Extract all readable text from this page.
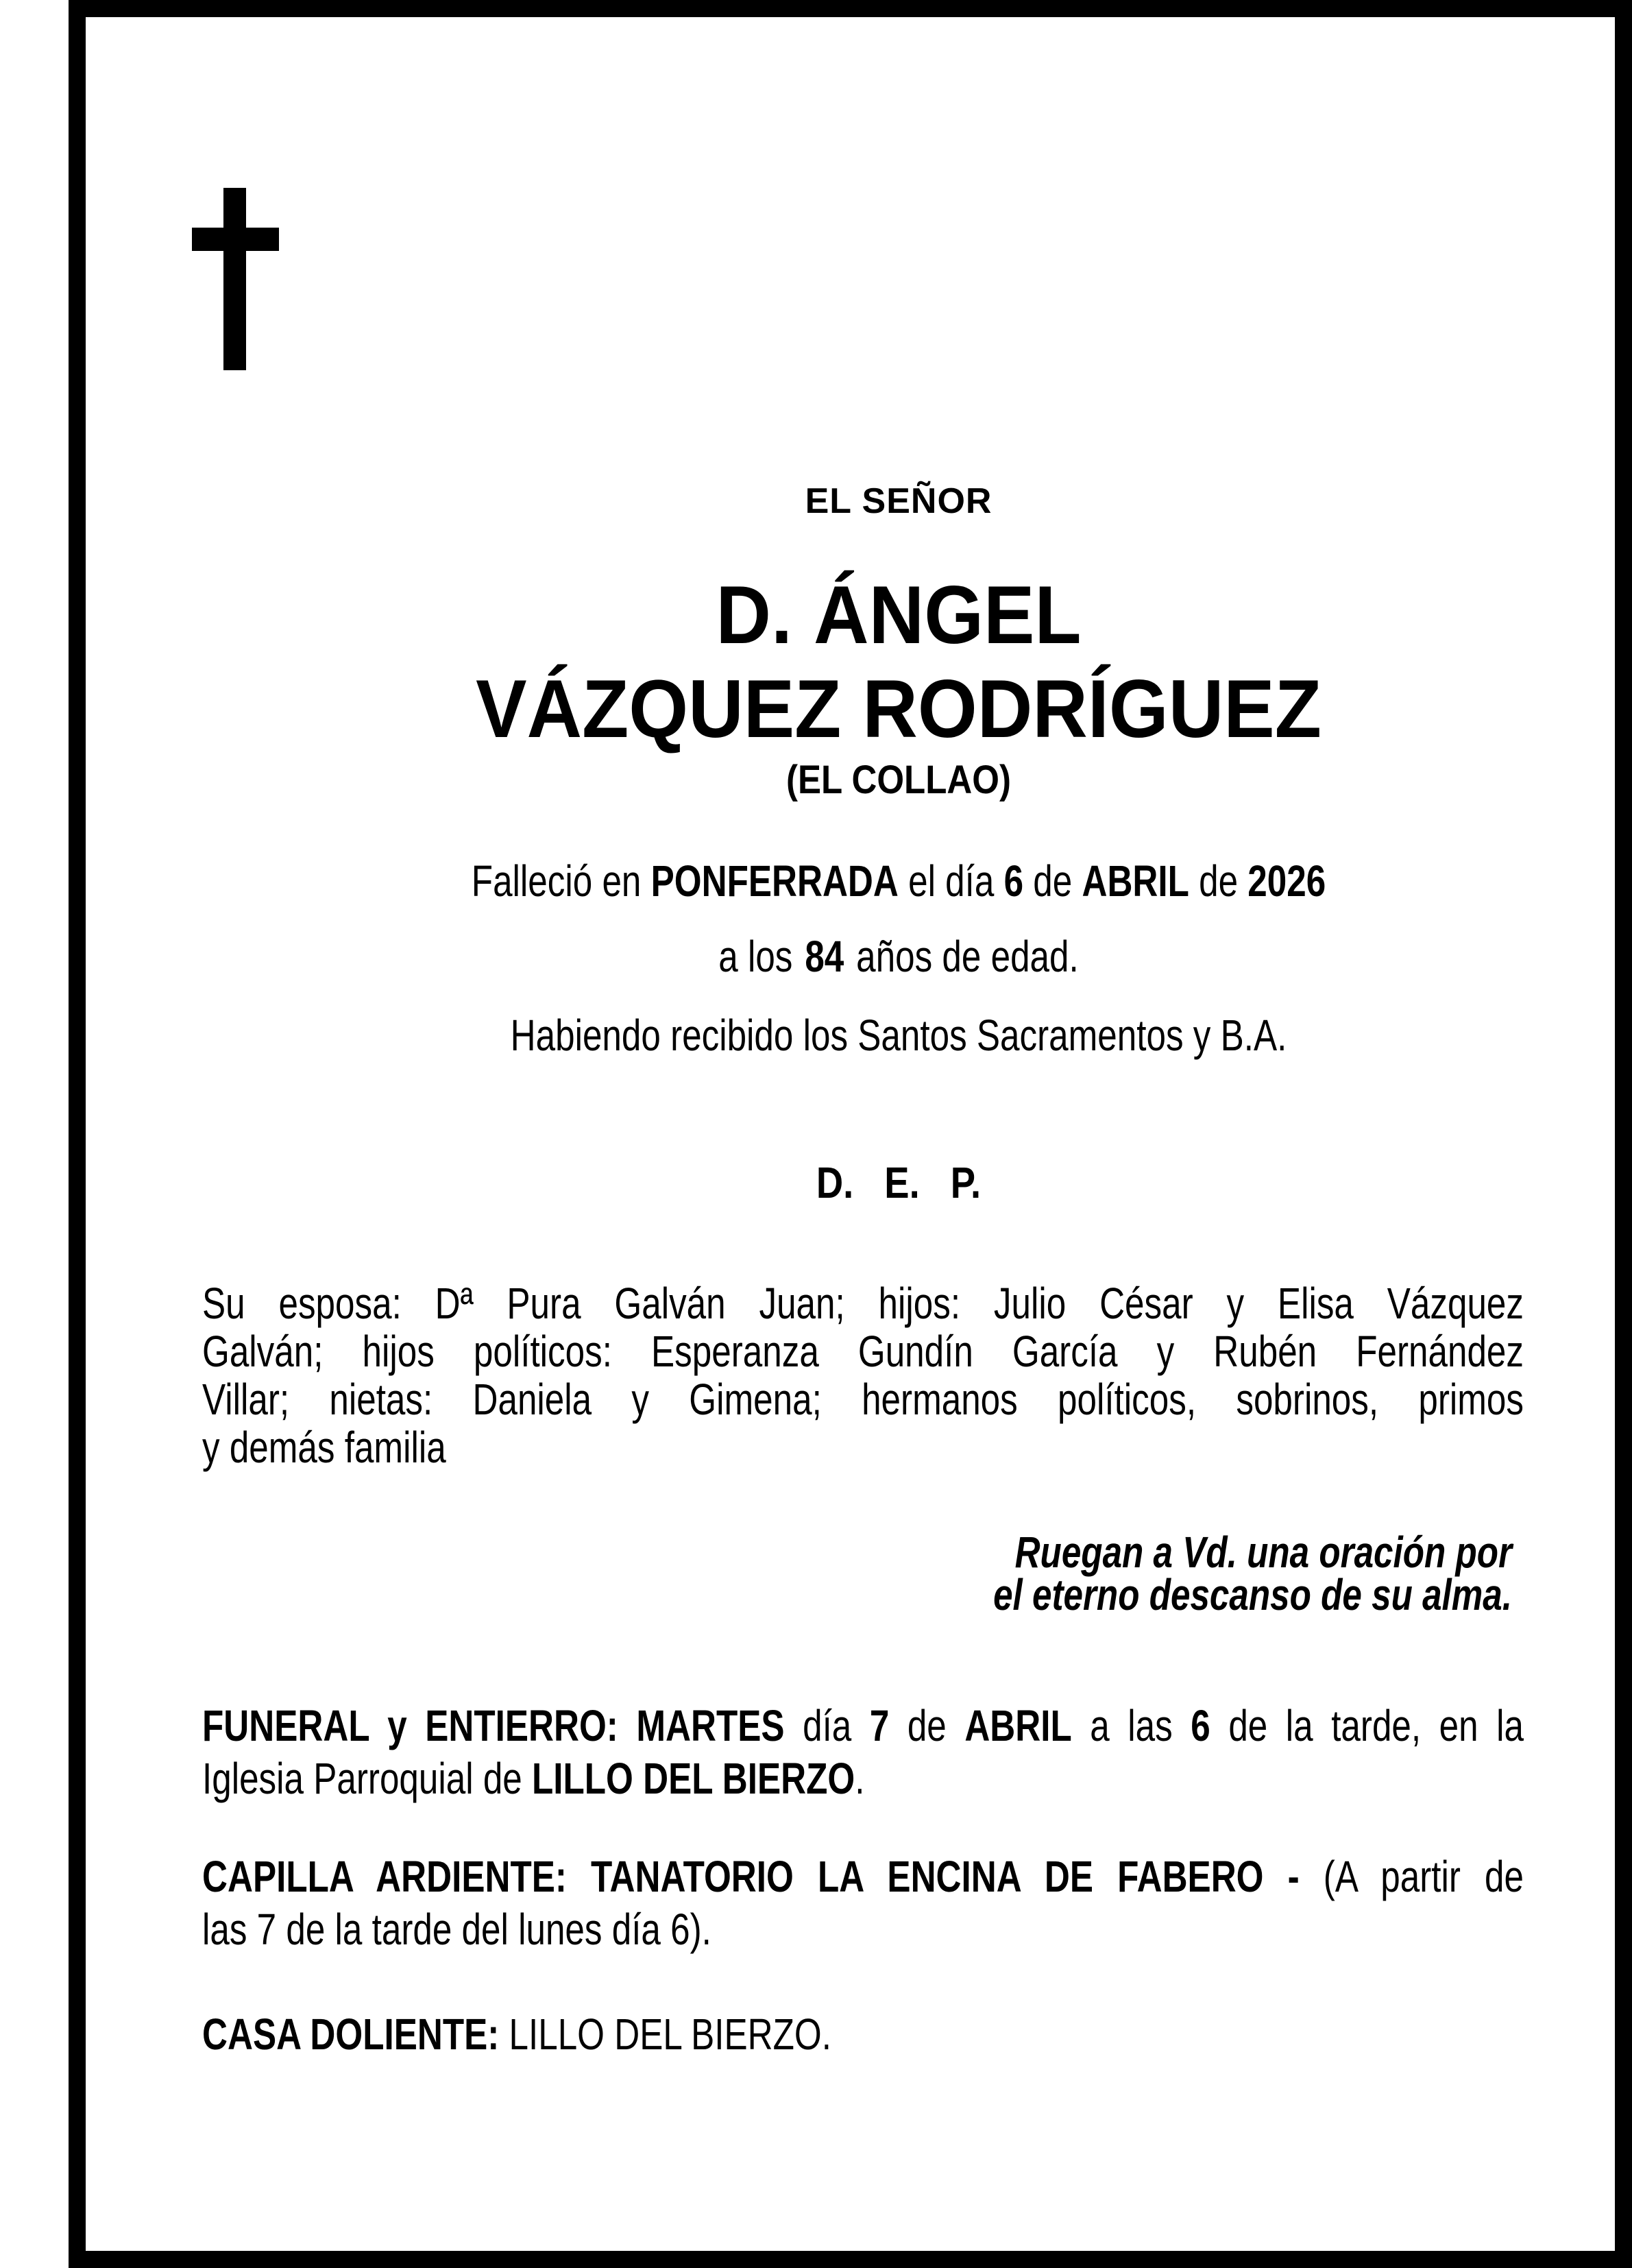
EL SEÑOR
D. ÁNGEL
VÁZQUEZ RODRÍGUEZ
(EL COLLAO)
Falleció en PONFERRADA el día 6 de ABRIL de 2026
a los 84 años de edad.
Habiendo recibido los Santos Sacramentos y B.A.
D. E. P.
Su esposa: Dª Pura Galván Juan; hijos: Julio César y Elisa Vázquez
Galván; hijos políticos: Esperanza Gundín García y Rubén Fernández
Villar; nietas: Daniela y Gimena; hermanos políticos, sobrinos, primos
y demás familia
Ruegan a Vd. una oración por
el eterno descanso de su alma.
FUNERAL y ENTIERRO: MARTES día 7 de ABRIL a las 6 de la tarde, en la
Iglesia Parroquial de LILLO DEL BIERZO.
CAPILLA ARDIENTE: TANATORIO LA ENCINA DE FABERO - (A partir de
las 7 de la tarde del lunes día 6).
CASA DOLIENTE: LILLO DEL BIERZO.
